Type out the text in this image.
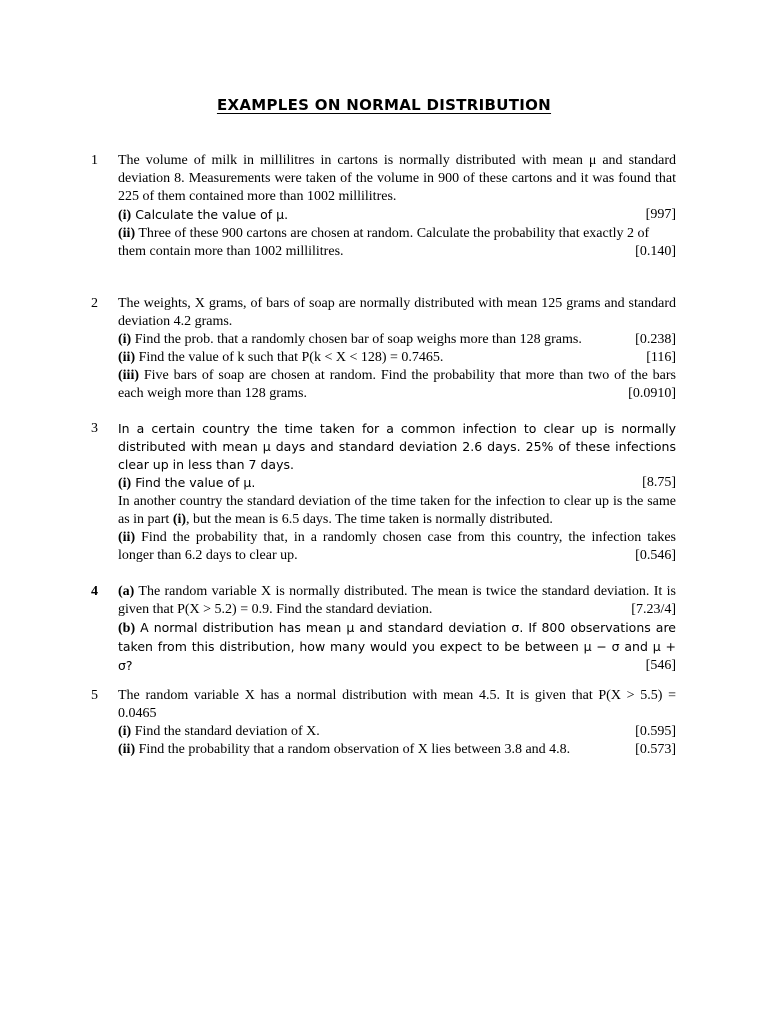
EXAMPLES ON NORMAL DISTRIBUTION
1	The volume of milk in millilitres in cartons is normally distributed with mean μ and standard deviation 8. Measurements were taken of the volume in 900 of these cartons and it was found that 225 of them contained more than 1002 millilitres.
(i) Calculate the value of μ.	[997]
(ii) Three of these 900 cartons are chosen at random. Calculate the probability that exactly 2 of them contain more than 1002 millilitres.	[0.140]
2	The weights, X grams, of bars of soap are normally distributed with mean 125 grams and standard deviation 4.2 grams.
(i) Find the prob. that a randomly chosen bar of soap weighs more than 128 grams.	[0.238]
(ii) Find the value of k such that P(k < X < 128) = 0.7465.	[116]
(iii) Five bars of soap are chosen at random. Find the probability that more than two of the bars each weigh more than 128 grams.	[0.0910]
3	In a certain country the time taken for a common infection to clear up is normally distributed with mean μ days and standard deviation 2.6 days. 25% of these infections clear up in less than 7 days.
(i) Find the value of μ.	[8.75]
In another country the standard deviation of the time taken for the infection to clear up is the same as in part (i), but the mean is 6.5 days. The time taken is normally distributed.
(ii) Find the probability that, in a randomly chosen case from this country, the infection takes longer than 6.2 days to clear up.	[0.546]
4	(a) The random variable X is normally distributed. The mean is twice the standard deviation. It is given that P(X > 5.2) = 0.9. Find the standard deviation.	[7.23/4]
(b) A normal distribution has mean μ and standard deviation σ. If 800 observations are taken from this distribution, how many would you expect to be between μ − σ and μ + σ?	[546]
5	The random variable X has a normal distribution with mean 4.5. It is given that P(X > 5.5) = 0.0465
(i) Find the standard deviation of X.	[0.595]
(ii) Find the probability that a random observation of X lies between 3.8 and 4.8.	[0.573]
